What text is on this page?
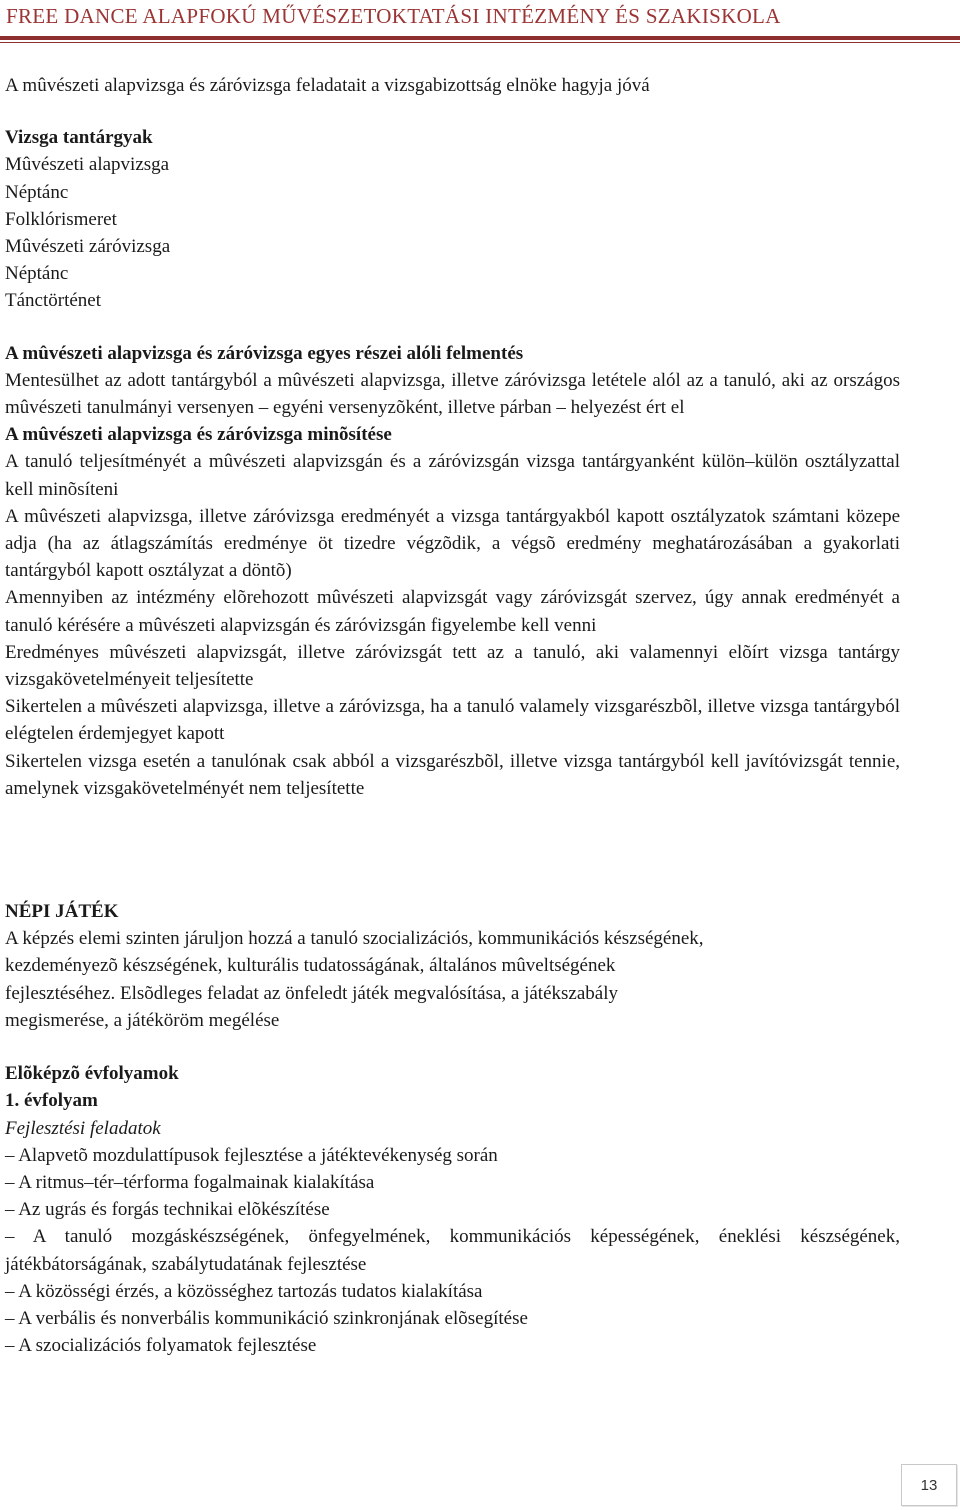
FREE DANCE ALAPFOKÚ MŰVÉSZETOKTATÁSI INTÉZMÉNY ÉS SZAKISKOLA

A mûvészeti alapvizsga és záróvizsga feladatait a vizsgabizottság elnöke hagyja jóvá

Vizsga tantárgyak

Mûvészeti alapvizsga

Néptánc

Folklórismeret

Mûvészeti záróvizsga

Néptánc

Tánctörténet

A mûvészeti alapvizsga és záróvizsga egyes részei alóli felmentés

Mentesülhet az adott tantárgyból a mûvészeti alapvizsga, illetve záróvizsga letétele alól az a tanuló, aki az országos mûvészeti tanulmányi versenyen – egyéni versenyzõként, illetve párban – helyezést ért el

A mûvészeti alapvizsga és záróvizsga minõsítése

A tanuló teljesítményét a mûvészeti alapvizsgán és a záróvizsgán vizsga tantárgyanként külön–külön osztályzattal kell minõsíteni

A mûvészeti alapvizsga, illetve záróvizsga eredményét a vizsga tantárgyakból kapott osztályzatok számtani közepe adja (ha az átlagszámítás eredménye öt tizedre végzõdik, a végsõ eredmény meghatározásában a gyakorlati tantárgyból kapott osztályzat a döntõ)

Amennyiben az intézmény elõrehozott mûvészeti alapvizsgát vagy záróvizsgát szervez, úgy annak eredményét a tanuló kérésére a mûvészeti alapvizsgán és záróvizsgán figyelembe kell venni

Eredményes mûvészeti alapvizsgát, illetve záróvizsgát tett az a tanuló, aki valamennyi elõírt vizsga tantárgy vizsgakövetelményeit teljesítette

Sikertelen a mûvészeti alapvizsga, illetve a záróvizsga, ha a tanuló valamely vizsgarészbõl, illetve vizsga tantárgyból elégtelen érdemjegyet kapott

Sikertelen vizsga esetén a tanulónak csak abból a vizsgarészbõl, illetve vizsga tantárgyból kell javítóvizsgát tennie, amelynek vizsgakövetelményét nem teljesítette

NÉPI JÁTÉK

A képzés elemi szinten járuljon hozzá a tanuló szocializációs, kommunikációs készségének,

kezdeményezõ készségének, kulturális tudatosságának, általános mûveltségének

fejlesztéséhez. Elsõdleges feladat az önfeledt játék megvalósítása, a játékszabály

megismerése, a játéköröm megélése

Elõképzõ évfolyamok

1. évfolyam

Fejlesztési feladatok

– Alapvetõ mozdulattípusok fejlesztése a játéktevékenység során

– A ritmus–tér–térforma fogalmainak kialakítása

– Az ugrás és forgás technikai elõkészítése

– A tanuló mozgáskészségének, önfegyelmének, kommunikációs képességének, éneklési készségének, játékbátorságának, szabálytudatának fejlesztése

– A közösségi érzés, a közösséghez tartozás tudatos kialakítása

– A verbális és nonverbális kommunikáció szinkronjának elõsegítése

– A szocializációs folyamatok fejlesztése

13
